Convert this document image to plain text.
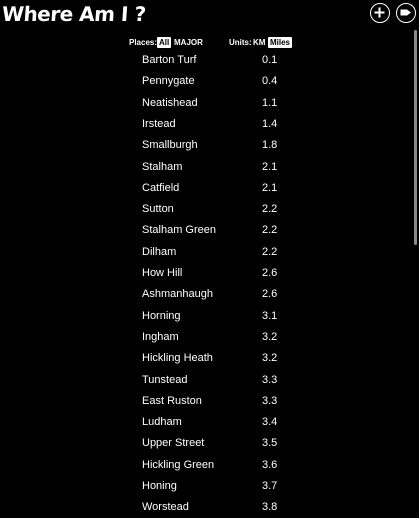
Where Am I ?
Places: All MAJOR	Units: KM Miles
Barton Turf	0.1
Pennygate	0.4
Neatishead	1.1
Irstead	1.4
Smallburgh	1.8
Stalham	2.1
Catfield	2.1
Sutton	2.2
Stalham Green	2.2
Dilham	2.2
How Hill	2.6
Ashmanhaugh	2.6
Horning	3.1
Ingham	3.2
Hickling Heath	3.2
Tunstead	3.3
East Ruston	3.3
Ludham	3.4
Upper Street	3.5
Hickling Green	3.6
Honing	3.7
Worstead	3.8
